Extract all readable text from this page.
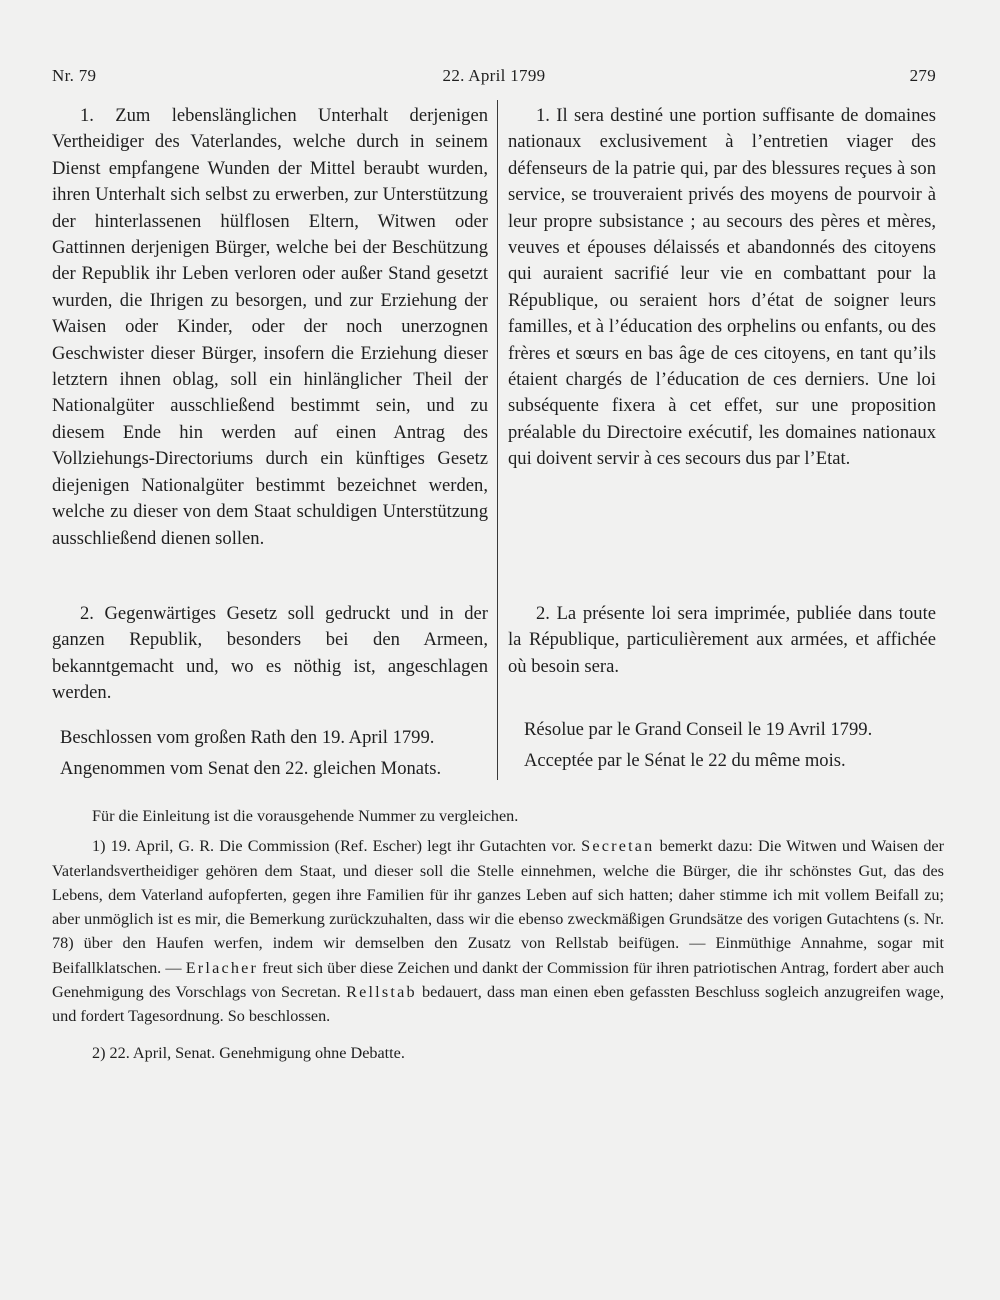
Nr. 79	22. April 1799	279

1. Zum lebenslänglichen Unterhalt derjenigen Vertheidiger des Vaterlandes, welche durch in seinem Dienst empfangene Wunden der Mittel beraubt wurden, ihren Unterhalt sich selbst zu erwerben, zur Unterstützung der hinterlassenen hülflosen Eltern, Witwen oder Gattinnen derjenigen Bürger, welche bei der Beschützung der Republik ihr Leben verloren oder außer Stand gesetzt wurden, die Ihrigen zu besorgen, und zur Erziehung der Waisen oder Kinder, oder der noch unerzognen Geschwister dieser Bürger, insofern die Erziehung dieser letztern ihnen oblag, soll ein hinlänglicher Theil der Nationalgüter ausschließend bestimmt sein, und zu diesem Ende hin werden auf einen Antrag des Vollziehungs-Directoriums durch ein künftiges Gesetz diejenigen Nationalgüter bestimmt bezeichnet werden, welche zu dieser von dem Staat schuldigen Unterstützung ausschließend dienen sollen.

2. Gegenwärtiges Gesetz soll gedruckt und in der ganzen Republik, besonders bei den Armeen, bekanntgemacht und, wo es nöthig ist, angeschlagen werden.

Beschlossen vom großen Rath den 19. April 1799.

Angenommen vom Senat den 22. gleichen Monats.

1. Il sera destiné une portion suffisante de domaines nationaux exclusivement à l’entretien viager des défenseurs de la patrie qui, par des blessures reçues à son service, se trouveraient privés des moyens de pourvoir à leur propre subsistance ; au secours des pères et mères, veuves et épouses délaissés et abandonnés des citoyens qui auraient sacrifié leur vie en combattant pour la République, ou seraient hors d’état de soigner leurs familles, et à l’éducation des orphelins ou enfants, ou des frères et sœurs en bas âge de ces citoyens, en tant qu’ils étaient chargés de l’éducation de ces derniers. Une loi subséquente fixera à cet effet, sur une proposition préalable du Directoire exécutif, les domaines nationaux qui doivent servir à ces secours dus par l’Etat.

2. La présente loi sera imprimée, publiée dans toute la République, particulièrement aux armées, et affichée où besoin sera.

Résolue par le Grand Conseil le 19 Avril 1799.

Acceptée par le Sénat le 22 du même mois.

Für die Einleitung ist die vorausgehende Nummer zu vergleichen.

1) 19. April, G. R. Die Commission (Ref. Escher) legt ihr Gutachten vor. Secretan bemerkt dazu: Die Witwen und Waisen der Vaterlandsvertheidiger gehören dem Staat, und dieser soll die Stelle einnehmen, welche die Bürger, die ihr schönstes Gut, das des Lebens, dem Vaterland aufopferten, gegen ihre Familien für ihr ganzes Leben auf sich hatten; daher stimme ich mit vollem Beifall zu; aber unmöglich ist es mir, die Bemerkung zurückzuhalten, dass wir die ebenso zweckmäßigen Grundsätze des vorigen Gutachtens (s. Nr. 78) über den Haufen werfen, indem wir demselben den Zusatz von Rellstab beifügen. — Einmüthige Annahme, sogar mit Beifallklatschen. — Erlacher freut sich über diese Zeichen und dankt der Commission für ihren patriotischen Antrag, fordert aber auch Genehmigung des Vorschlags von Secretan. Rellstab bedauert, dass man einen eben gefassten Beschluss sogleich anzugreifen wage, und fordert Tagesordnung. So beschlossen.

2) 22. April, Senat. Genehmigung ohne Debatte.
